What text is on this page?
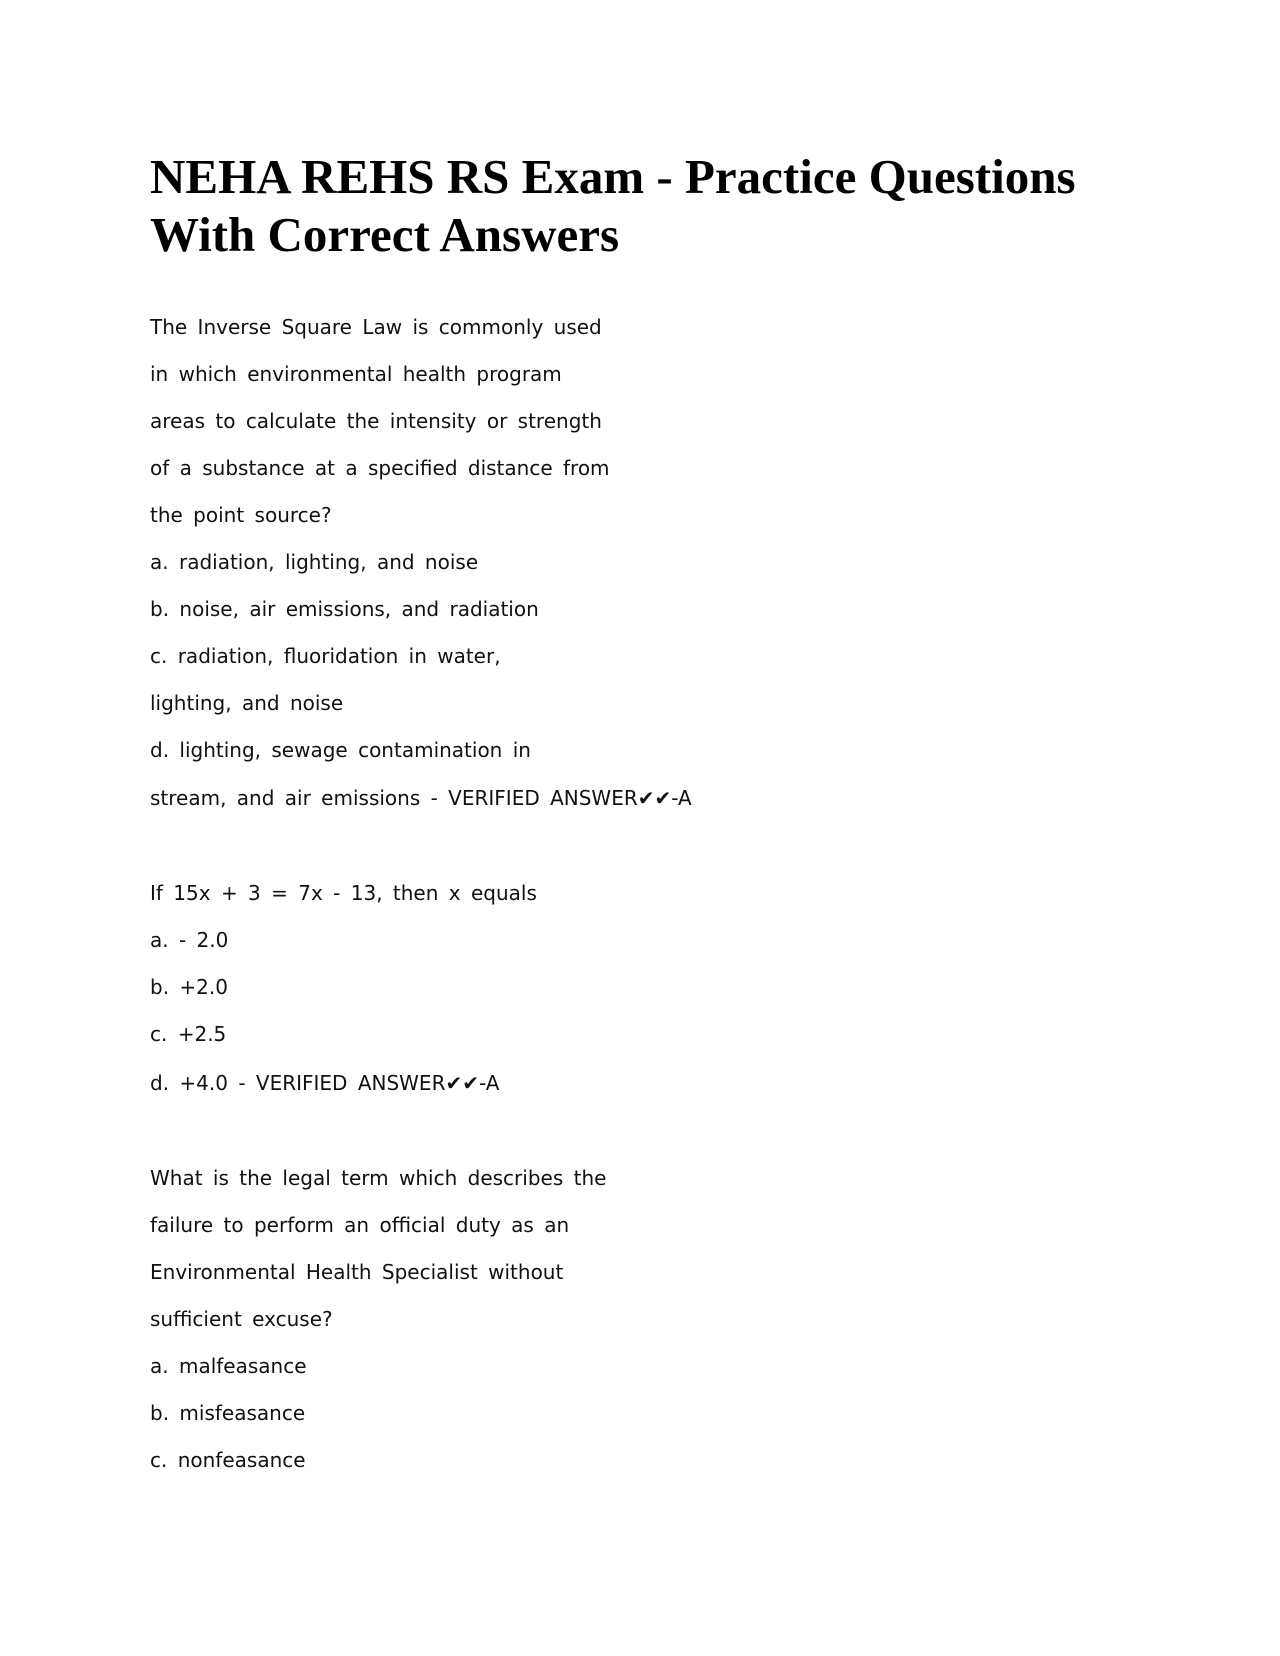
NEHA REHS RS Exam - Practice Questions With Correct Answers
The Inverse Square Law is commonly used
in which environmental health program
areas to calculate the intensity or strength
of a substance at a specified distance from
the point source?
a. radiation, lighting, and noise
b. noise, air emissions, and radiation
c. radiation, fluoridation in water,
lighting, and noise
d. lighting, sewage contamination in
stream, and air emissions - VERIFIED ANSWER✔✔-A
If 15x + 3 = 7x - 13, then x equals
a. - 2.0
b. +2.0
c. +2.5
d. +4.0 - VERIFIED ANSWER✔✔-A
What is the legal term which describes the
failure to perform an official duty as an
Environmental Health Specialist without
sufficient excuse?
a. malfeasance
b. misfeasance
c. nonfeasance
